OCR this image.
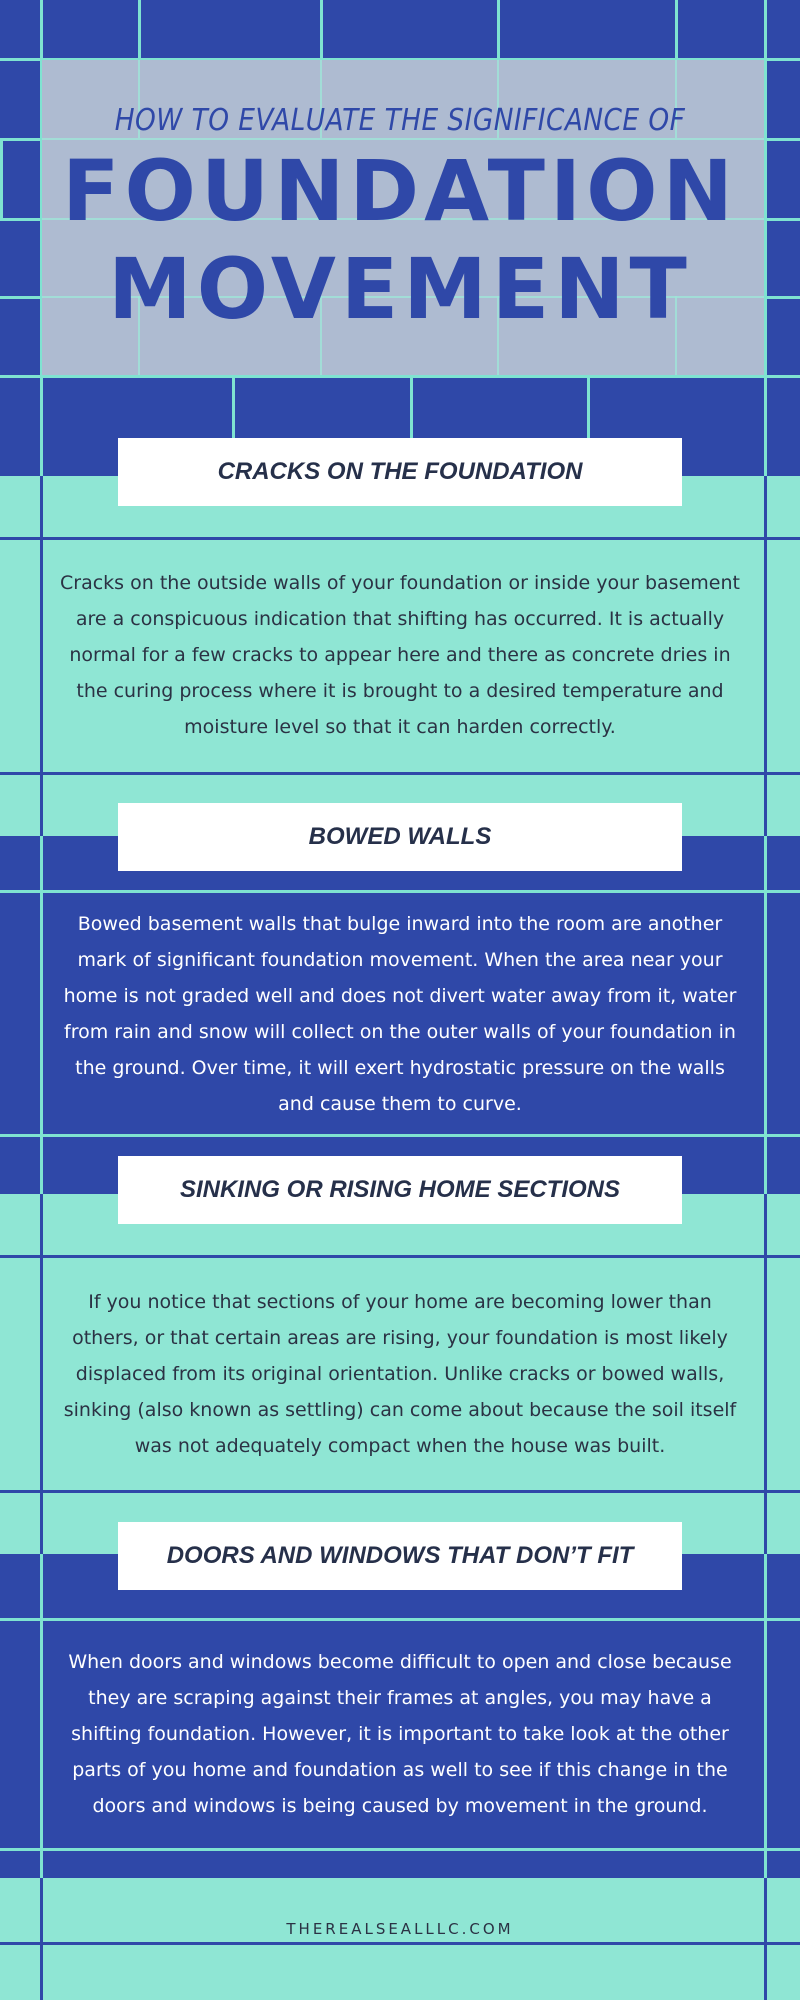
HOW TO EVALUATE THE SIGNIFICANCE OF
FOUNDATION
MOVEMENT
CRACKS ON THE FOUNDATION
Cracks on the outside walls of your foundation or inside your basement are a conspicuous indication that shifting has occurred. It is actually normal for a few cracks to appear here and there as concrete dries in the curing process where it is brought to a desired temperature and moisture level so that it can harden correctly.
BOWED WALLS
Bowed basement walls that bulge inward into the room are another mark of significant foundation movement. When the area near your home is not graded well and does not divert water away from it, water from rain and snow will collect on the outer walls of your foundation in the ground. Over time, it will exert hydrostatic pressure on the walls and cause them to curve.
SINKING OR RISING HOME SECTIONS
If you notice that sections of your home are becoming lower than others, or that certain areas are rising, your foundation is most likely displaced from its original orientation. Unlike cracks or bowed walls, sinking (also known as settling) can come about because the soil itself was not adequately compact when the house was built.
DOORS AND WINDOWS THAT DON’T FIT
When doors and windows become difficult to open and close because they are scraping against their frames at angles, you may have a shifting foundation. However, it is important to take look at the other parts of you home and foundation as well to see if this change in the doors and windows is being caused by movement in the ground.
THEREALSEALLLC.COM
